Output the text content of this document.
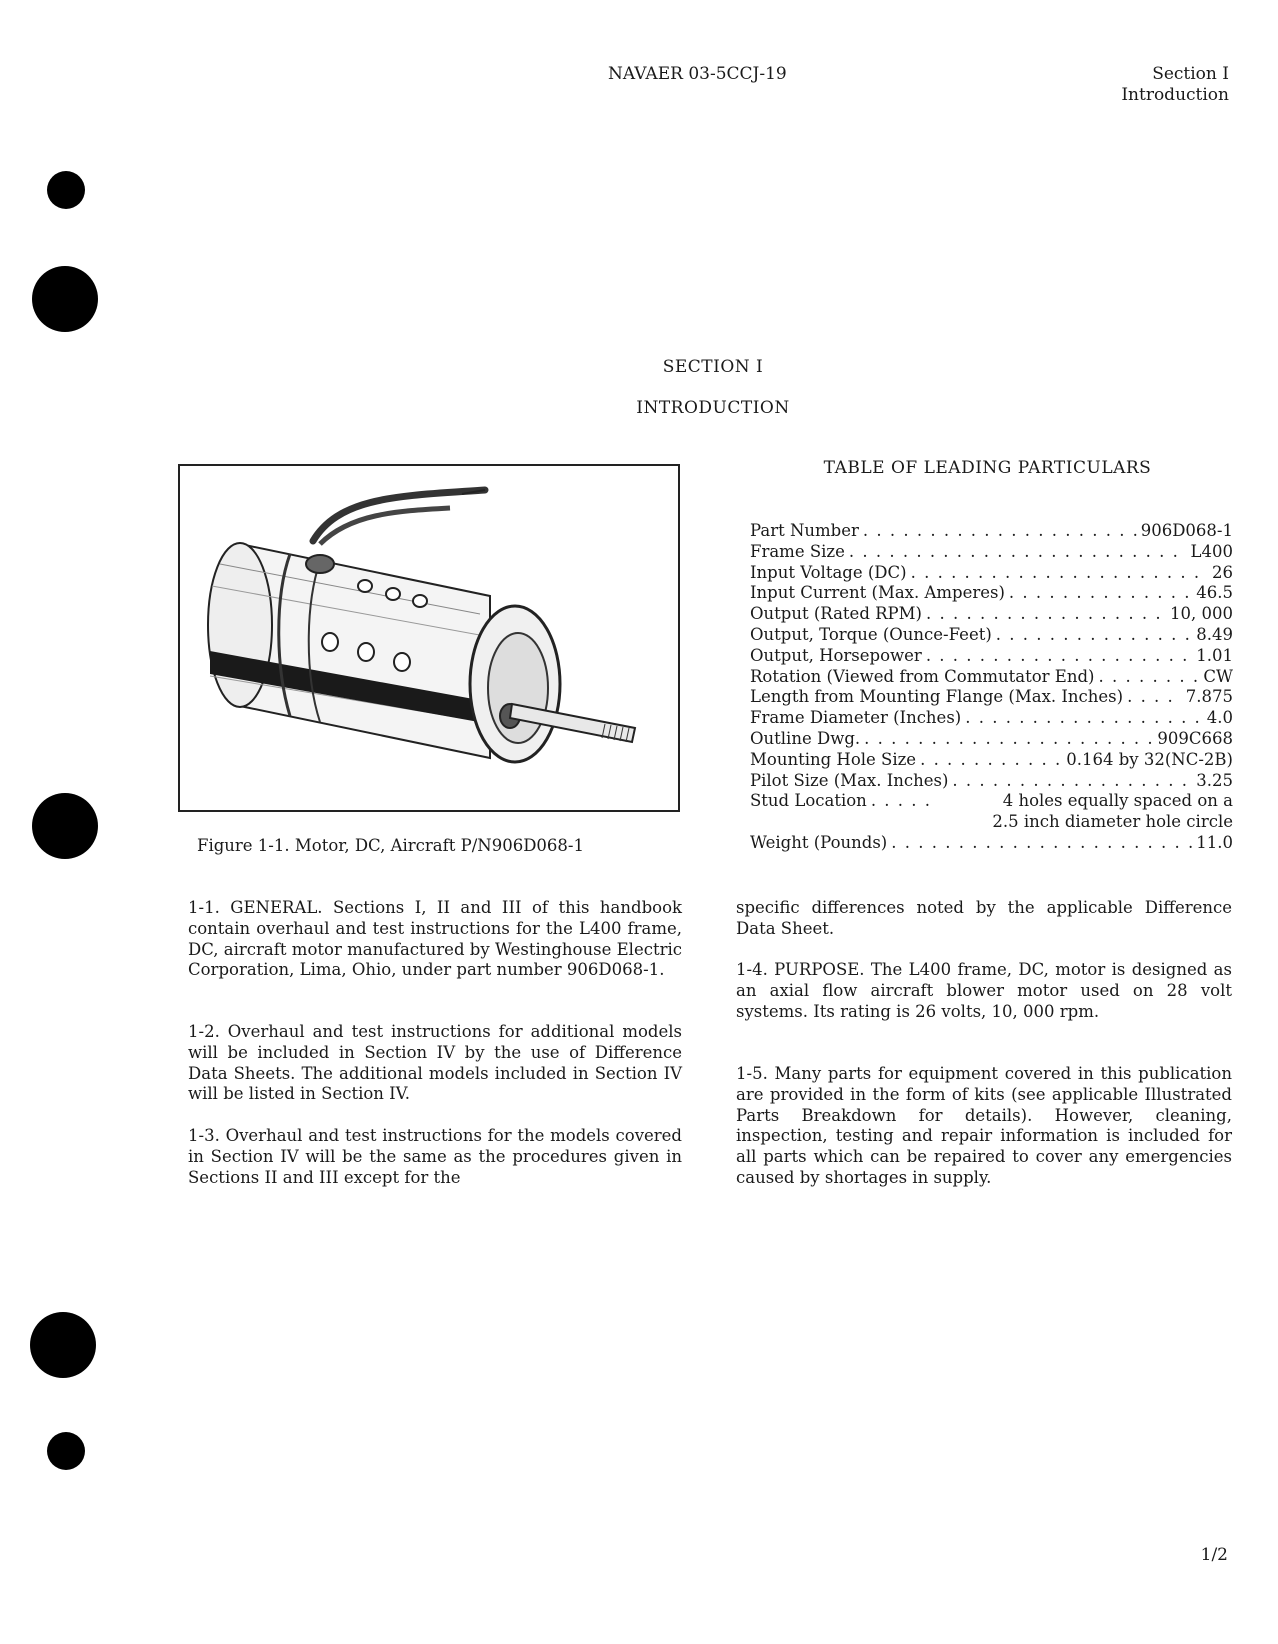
NAVAER 03-5CCJ-19	Section I
Introduction
SECTION I
INTRODUCTION
Figure 1-1. Motor, DC, Aircraft P/N906D068-1
TABLE OF LEADING PARTICULARS
Part Number . . .	906D068-1
Frame Size . . .	L400
Input Voltage (DC) . . .	26
Input Current (Max. Amperes) . . .	46.5
Output (Rated RPM) . . .	10, 000
Output, Torque (Ounce-Feet) . . .	8.49
Output, Horsepower . . .	1.01
Rotation (Viewed from Commutator End) . . .	CW
Length from Mounting Flange (Max. Inches) . . .	7.875
Frame Diameter (Inches) . . .	4.0
Outline Dwg. . . .	909C668
Mounting Hole Size . . .	0.164 by 32(NC-2B)
Pilot Size (Max. Inches) . . .	3.25
Stud Location . . .	4 holes equally spaced on a
2.5 inch diameter hole circle
Weight (Pounds) . . .	11.0
1-1. GENERAL. Sections I, II and III of this handbook contain overhaul and test instructions for the L400 frame, DC, aircraft motor manufactured by Westinghouse Electric Corporation, Lima, Ohio, under part number 906D068-1.
1-2. Overhaul and test instructions for additional models will be included in Section IV by the use of Difference Data Sheets. The additional models included in Section IV will be listed in Section IV.
1-3. Overhaul and test instructions for the models covered in Section IV will be the same as the procedures given in Sections II and III except for the
specific differences noted by the applicable Difference Data Sheet.
1-4. PURPOSE. The L400 frame, DC, motor is designed as an axial flow aircraft blower motor used on 28 volt systems. Its rating is 26 volts, 10, 000 rpm.
1-5. Many parts for equipment covered in this publication are provided in the form of kits (see applicable Illustrated Parts Breakdown for details). However, cleaning, inspection, testing and repair information is included for all parts which can be repaired to cover any emergencies caused by shortages in supply.
1/2
